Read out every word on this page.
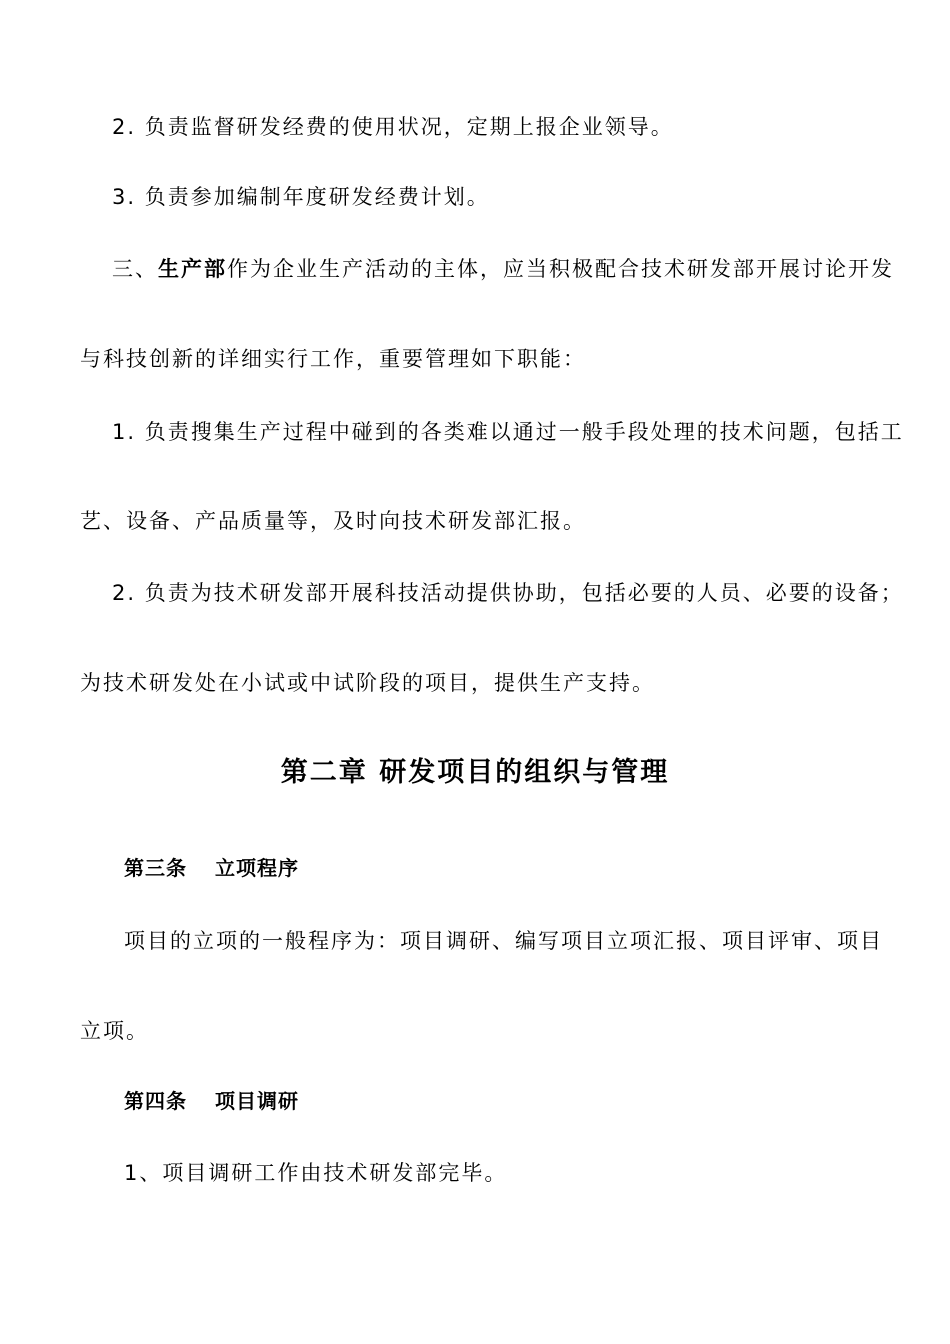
2. 负责监督研发经费的使用状况，定期上报企业领导。
3. 负责参加编制年度研发经费计划。
三、生产部作为企业生产活动的主体，应当积极配合技术研发部开展讨论开发
与科技创新的详细实行工作，重要管理如下职能：
1. 负责搜集生产过程中碰到的各类难以通过一般手段处理的技术问题，包括工
艺、设备、产品质量等，及时向技术研发部汇报。
2. 负责为技术研发部开展科技活动提供协助，包括必要的人员、必要的设备；
为技术研发处在小试或中试阶段的项目，提供生产支持。
第二章 研发项目的组织与管理
第三条 立项程序
项目的立项的一般程序为：项目调研、编写项目立项汇报、项目评审、项目
立项。
第四条 项目调研
1、项目调研工作由技术研发部完毕。
